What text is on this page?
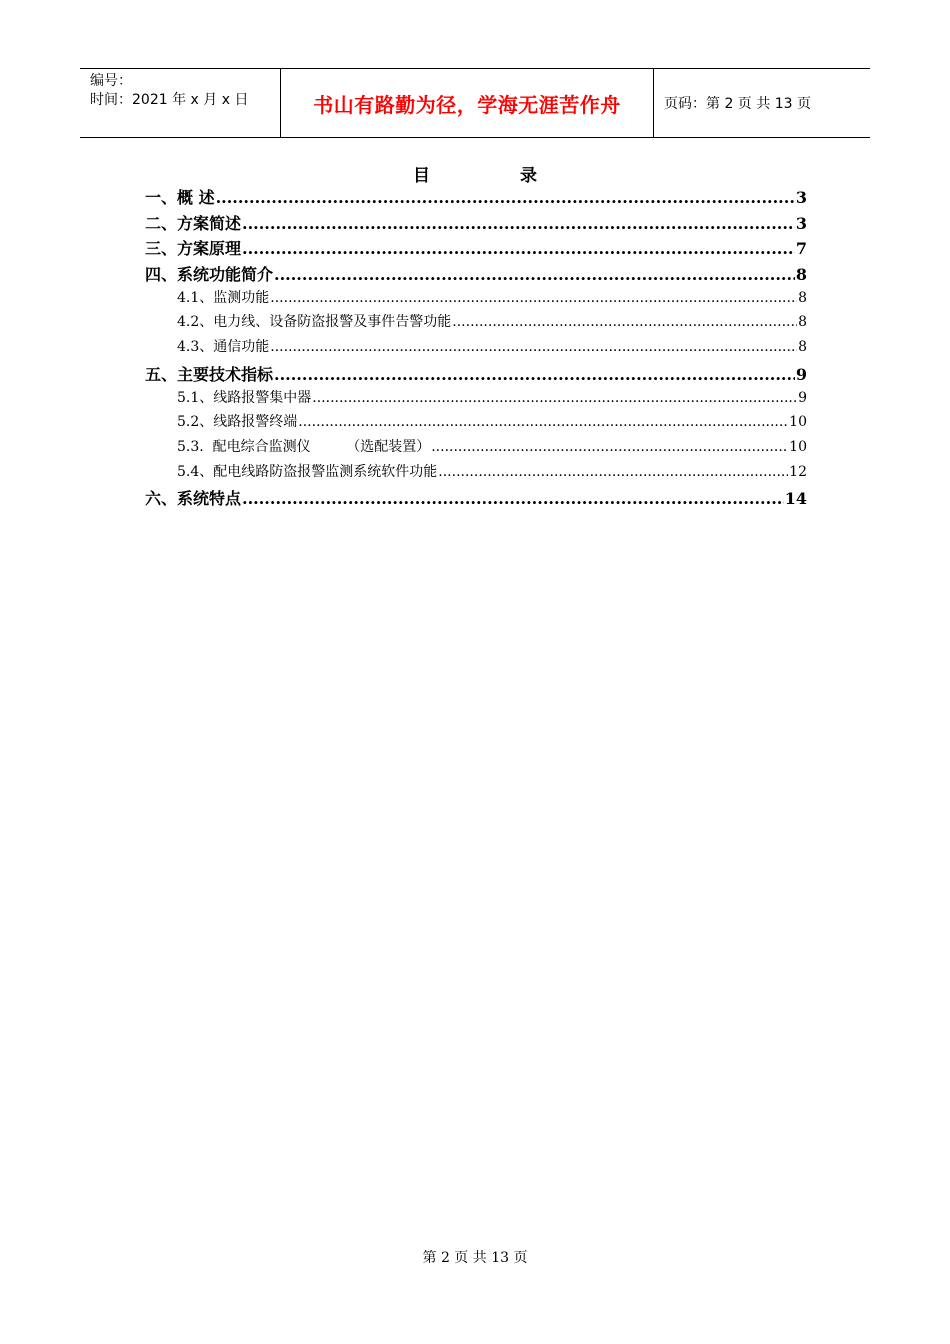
编号：
时间：2021 年 x 月 x 日	书山有路勤为径，学海无涯苦作舟	页码：第 2 页 共 13 页
目	录
一、概 述 .....	3
二、方案简述 .....	3
三、方案原理 .....	7
四、系统功能简介 .....	8
4.1、监测功能 .....	8
4.2、电力线、设备防盗报警及事件告警功能 .....	8
4.3、通信功能 .....	8
五、主要技术指标 .....	9
5.1、线路报警集中器 .....	9
5.2、线路报警终端 .....	10
5.3.  配电综合监测仪        （选配装置） .....	10
5.4、配电线路防盗报警监测系统软件功能 .....	12
六、系统特点 .....	14
第 2 页 共 13 页
